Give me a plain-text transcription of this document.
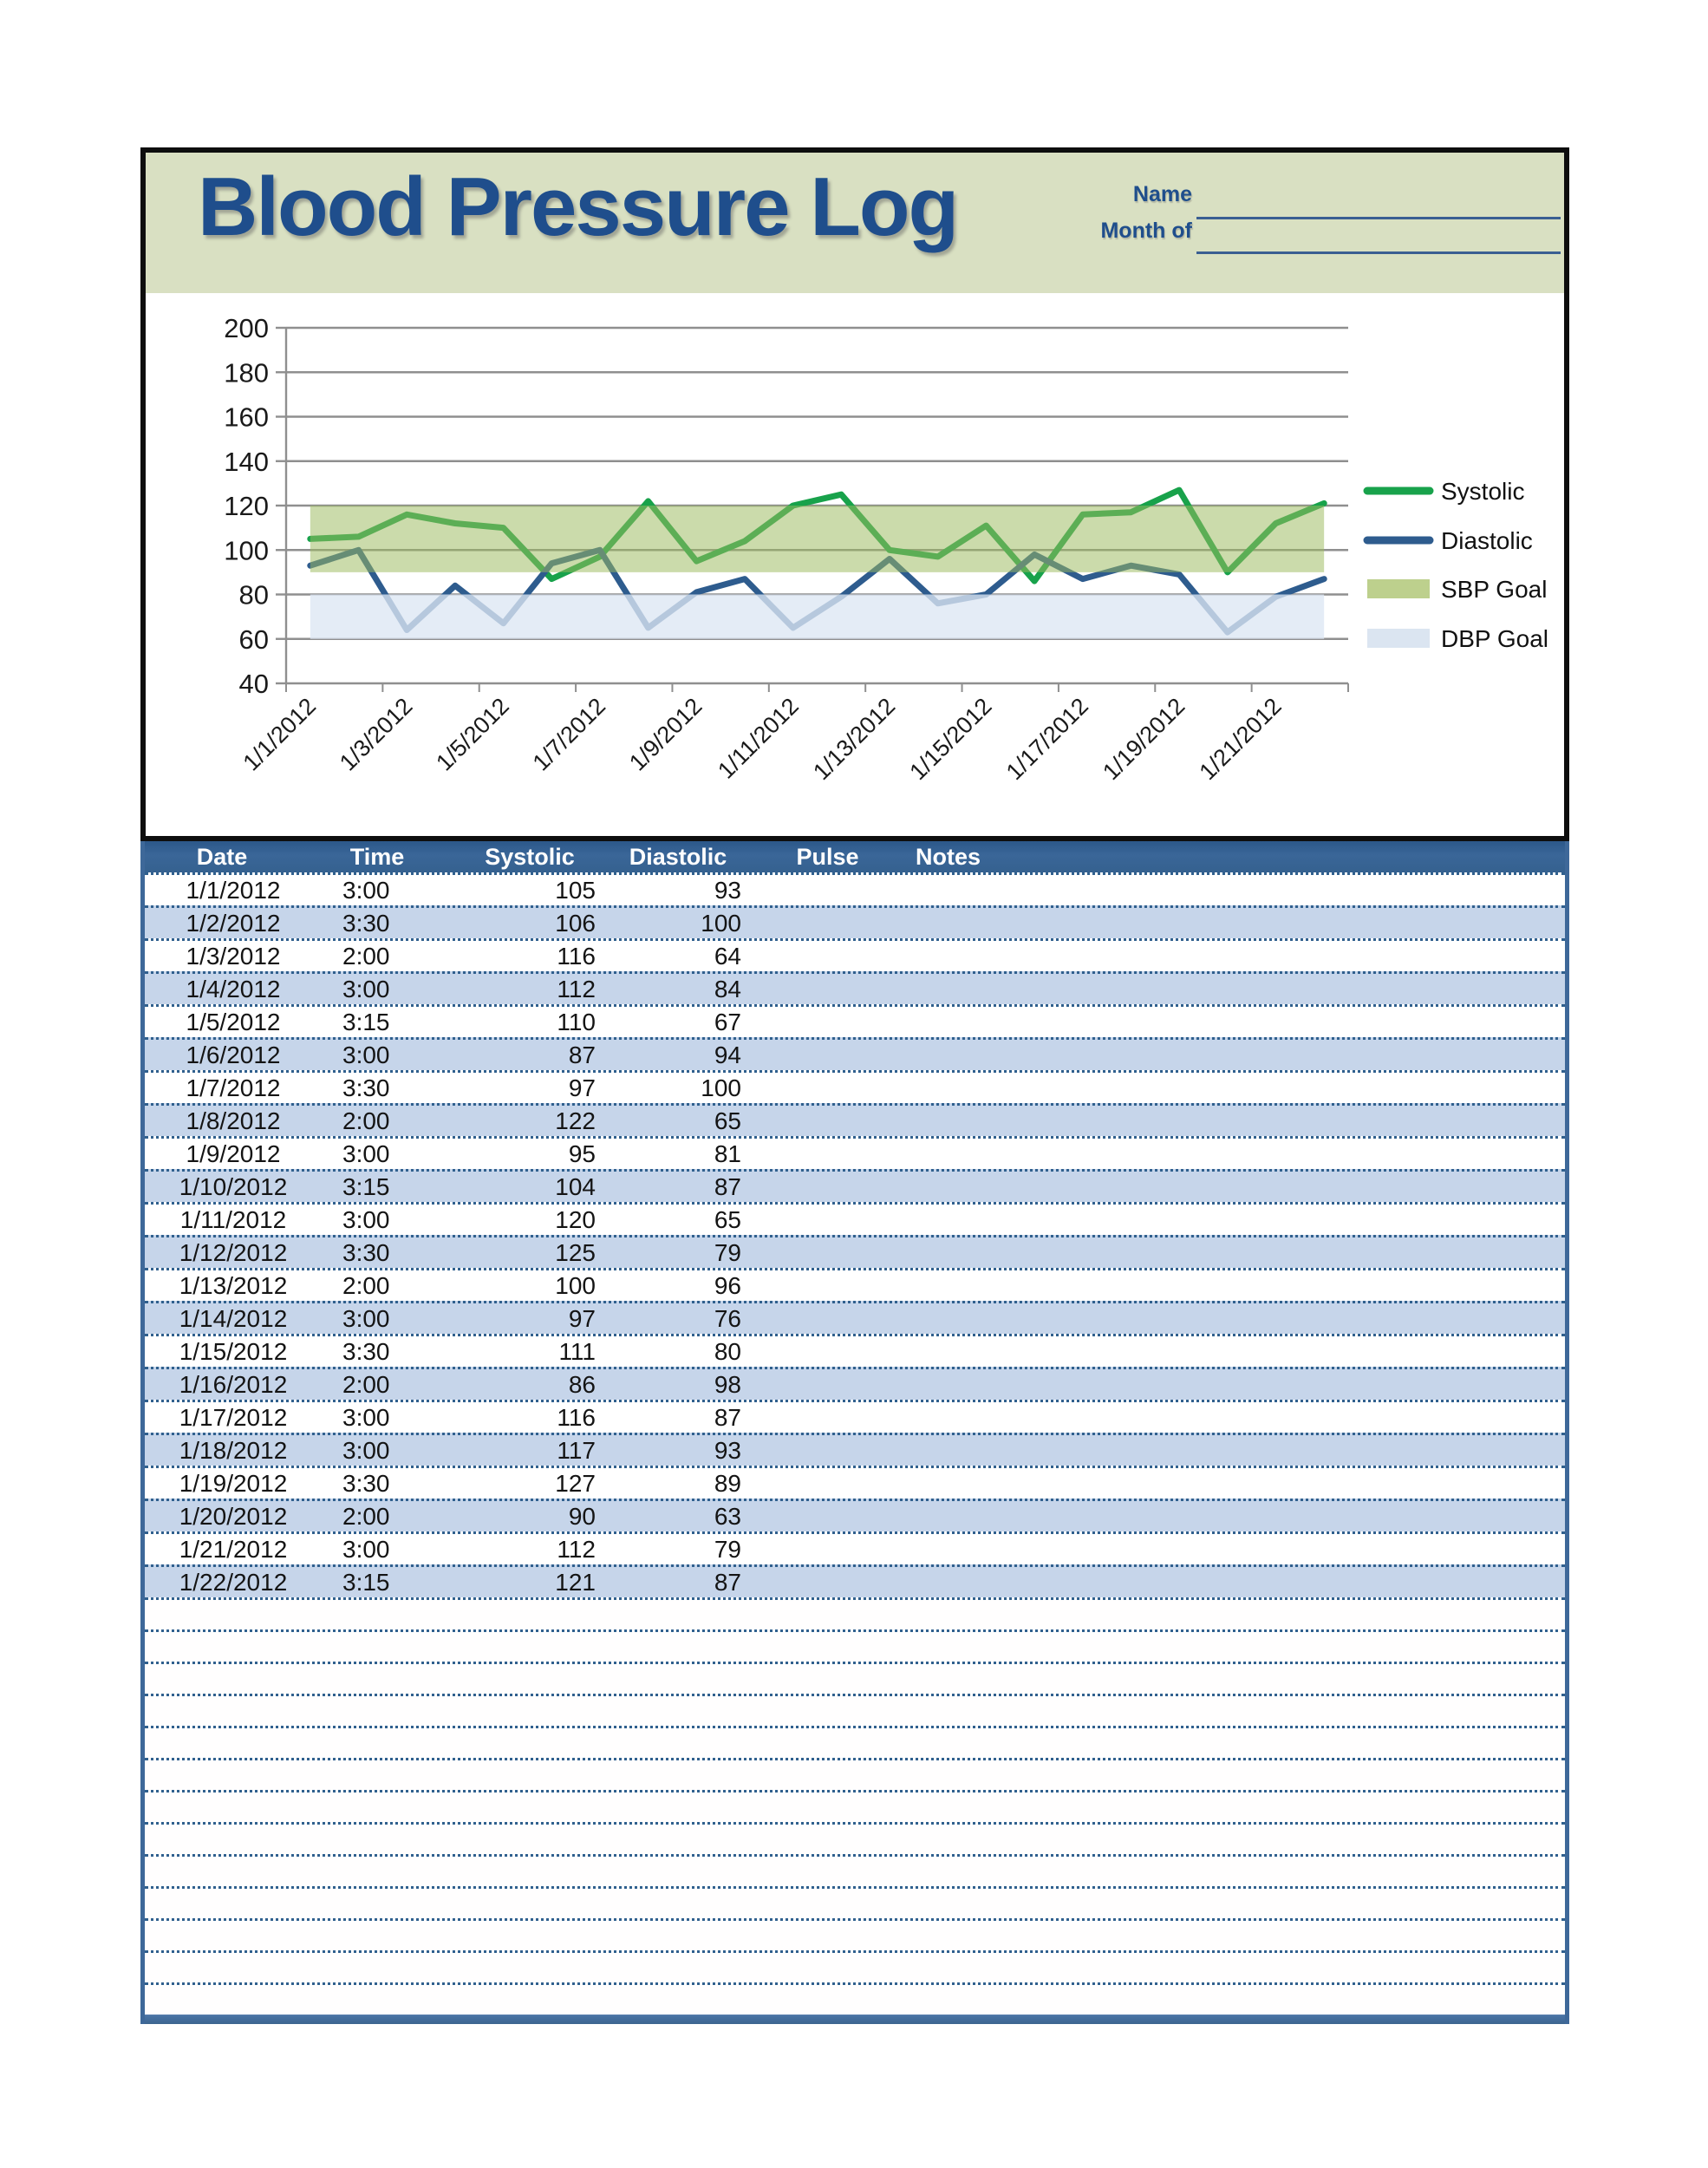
Blood Pressure Log	Name
Month of
200
180
160
140
120
100
80
60
40
1/1/2012 1/3/2012 1/5/2012 1/7/2012 1/9/2012 1/11/2012 1/13/2012 1/15/2012 1/17/2012 1/19/2012 1/21/2012
Systolic
Diastolic
SBP Goal
DBP Goal
Date	Time	Systolic	Diastolic	Pulse	Notes
1/1/2012	3:00	105	93
1/2/2012	3:30	106	100
1/3/2012	2:00	116	64
1/4/2012	3:00	112	84
1/5/2012	3:15	110	67
1/6/2012	3:00	87	94
1/7/2012	3:30	97	100
1/8/2012	2:00	122	65
1/9/2012	3:00	95	81
1/10/2012	3:15	104	87
1/11/2012	3:00	120	65
1/12/2012	3:30	125	79
1/13/2012	2:00	100	96
1/14/2012	3:00	97	76
1/15/2012	3:30	111	80
1/16/2012	2:00	86	98
1/17/2012	3:00	116	87
1/18/2012	3:00	117	93
1/19/2012	3:30	127	89
1/20/2012	2:00	90	63
1/21/2012	3:00	112	79
1/22/2012	3:15	121	87
